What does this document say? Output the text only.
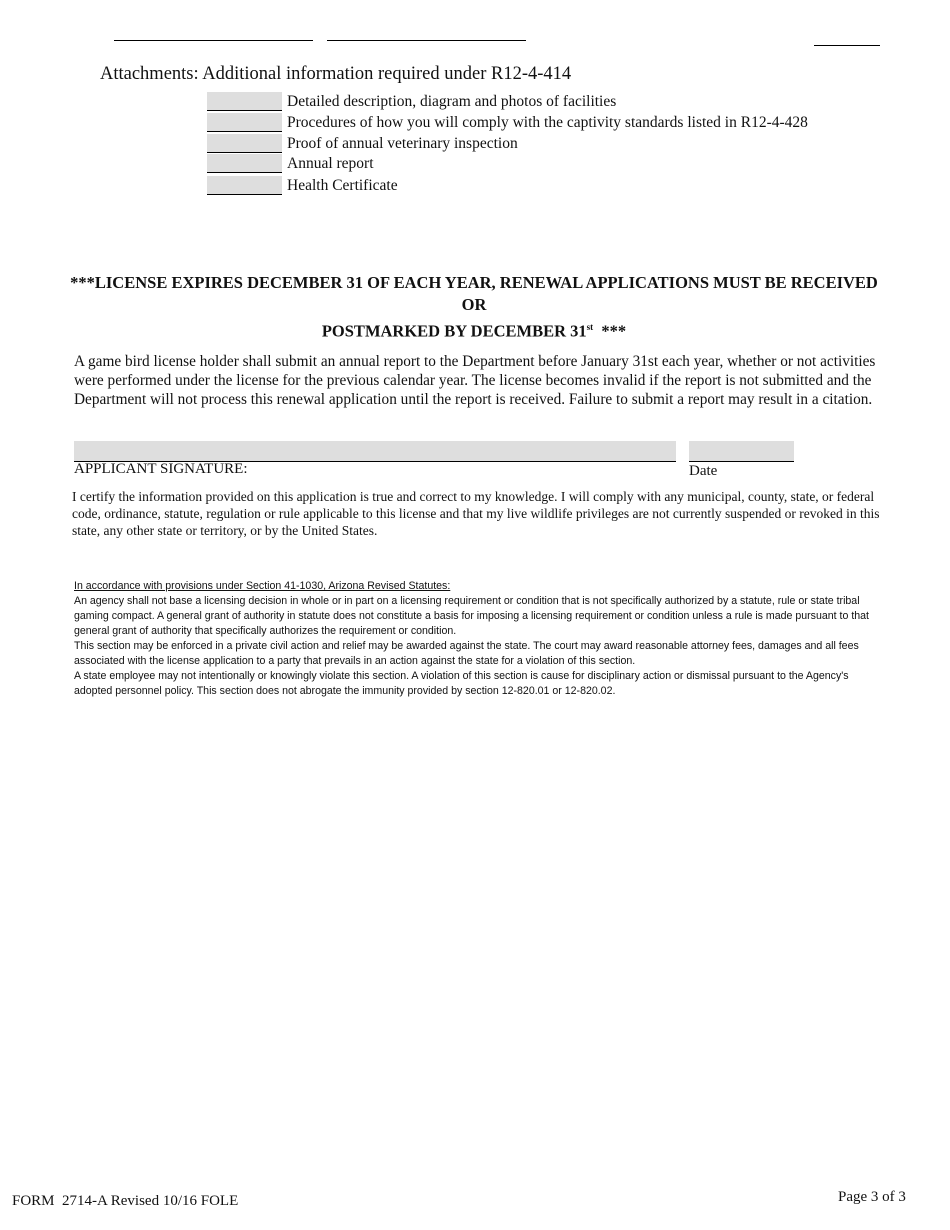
Attachments: Additional information required under R12-4-414
Detailed description, diagram and photos of facilities
Procedures of how you will comply with the captivity standards listed in R12-4-428
Proof of annual veterinary inspection
Annual report
Health Certificate
***LICENSE EXPIRES DECEMBER 31 OF EACH YEAR, RENEWAL APPLICATIONS MUST BE RECEIVED OR
POSTMARKED BY DECEMBER 31st  ***
A game bird license holder shall submit an annual report to the Department before January 31st each year, whether or not activities were performed under the license for the previous calendar year. The license becomes invalid if the report is not submitted and the Department will not process this renewal application until the report is received. Failure to submit a report may result in a citation.
APPLICANT SIGNATURE:	Date
I certify the information provided on this application is true and correct to my knowledge. I will comply with any municipal, county, state, or federal code, ordinance, statute, regulation or rule applicable to this license and that my live wildlife privileges are not currently suspended or revoked in this state, any other state or territory, or by the United States.
In accordance with provisions under Section 41-1030, Arizona Revised Statutes:
An agency shall not base a licensing decision in whole or in part on a licensing requirement or condition that is not specifically authorized by a statute, rule or state tribal gaming compact. A general grant of authority in statute does not constitute a basis for imposing a licensing requirement or condition unless a rule is made pursuant to that general grant of authority that specifically authorizes the requirement or condition.
This section may be enforced in a private civil action and relief may be awarded against the state. The court may award reasonable attorney fees, damages and all fees associated with the license application to a party that prevails in an action against the state for a violation of this section.
A state employee may not intentionally or knowingly violate this section. A violation of this section is cause for disciplinary action or dismissal pursuant to the Agency's adopted personnel policy. This section does not abrogate the immunity provided by section 12-820.01 or 12-820.02.
FORM  2714-A Revised 10/16 FOLE	Page 3 of 3
